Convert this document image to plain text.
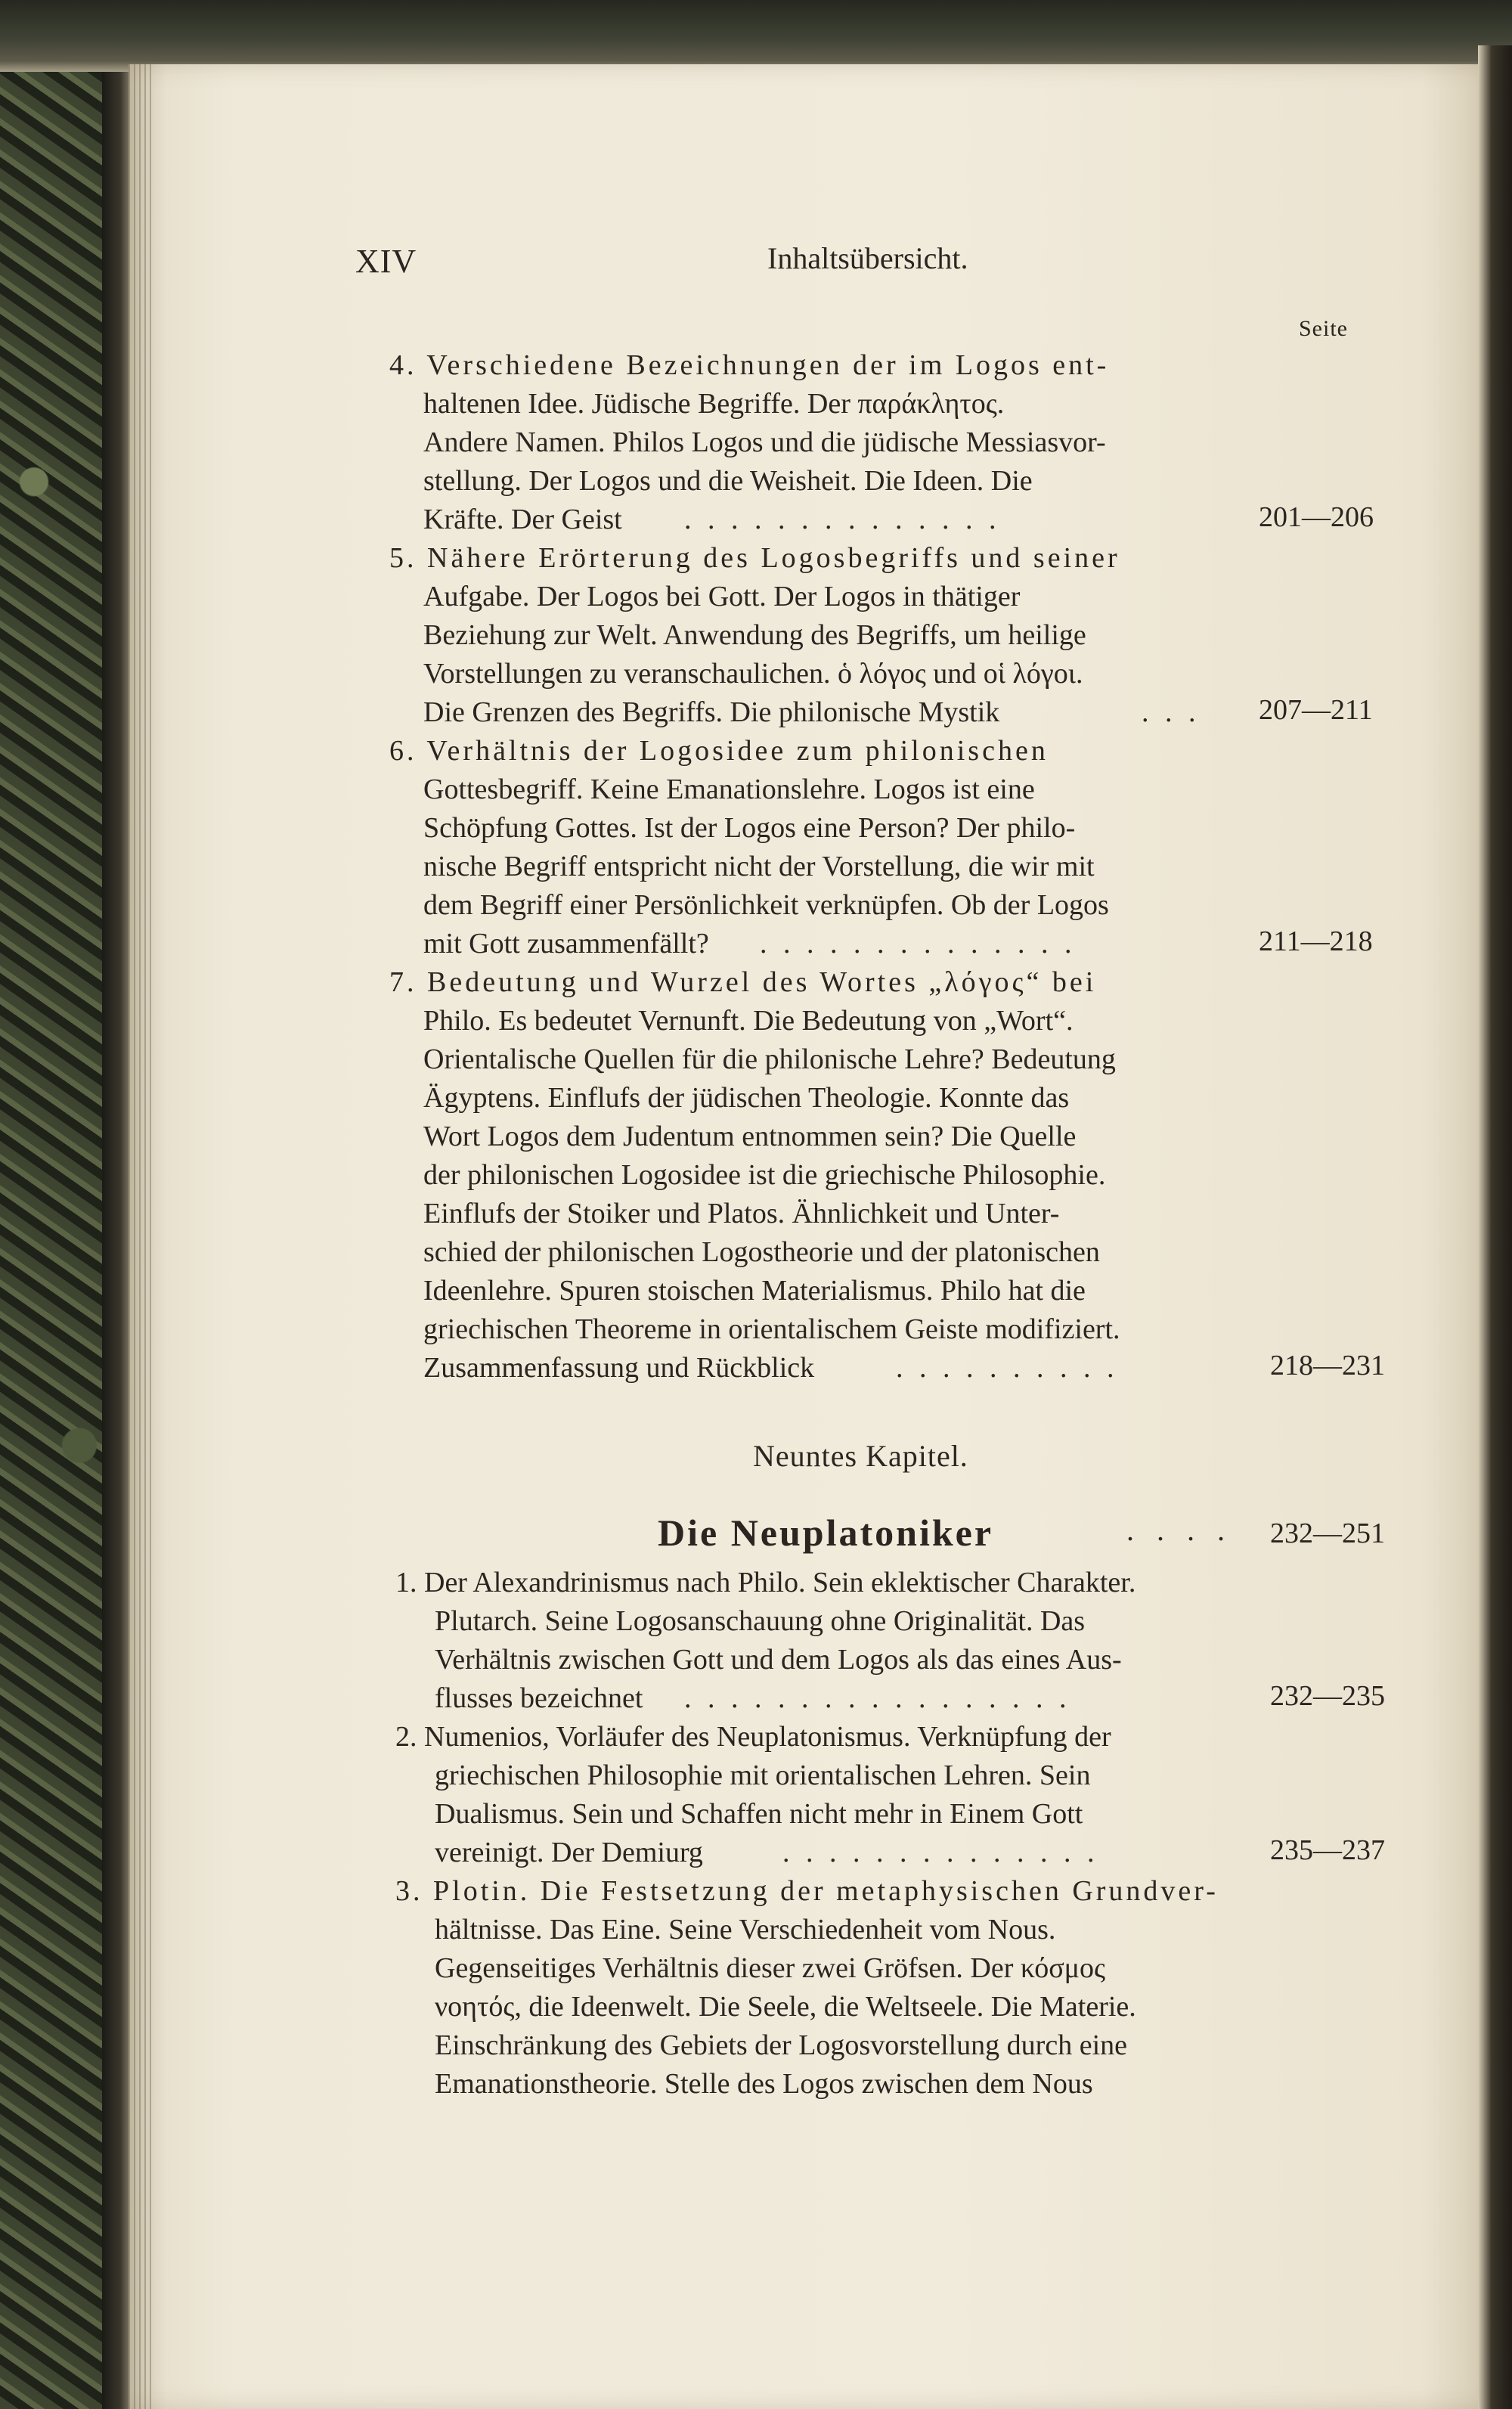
XIV	Inhaltsübersicht.
Seite
4. Verschiedene Bezeichnungen der im Logos ent-
haltenen Idee. Jüdische Begriffe. Der παράκλητος.
Andere Namen. Philos Logos und die jüdische Messiasvor-
stellung. Der Logos und die Weisheit. Die Ideen. Die
Kräfte. Der Geist . . . . . . . . . . . . . .	201—206
5. Nähere Erörterung des Logosbegriffs und seiner
Aufgabe. Der Logos bei Gott. Der Logos in thätiger
Beziehung zur Welt. Anwendung des Begriffs, um heilige
Vorstellungen zu veranschaulichen. ὁ λόγος und οἱ λόγοι.
Die Grenzen des Begriffs. Die philonische Mystik	. . . 207—211
6. Verhältnis der Logosidee zum philonischen
Gottesbegriff. Keine Emanationslehre. Logos ist eine
Schöpfung Gottes. Ist der Logos eine Person? Der philo-
nische Begriff entspricht nicht der Vorstellung, die wir mit
dem Begriff einer Persönlichkeit verknüpfen. Ob der Logos
mit Gott zusammenfällt? . . . . . . . . . . . . . .	211—218
7. Bedeutung und Wurzel des Wortes „λόγος“ bei
Philo. Es bedeutet Vernunft. Die Bedeutung von „Wort“.
Orientalische Quellen für die philonische Lehre? Bedeutung
Ägyptens. Einflufs der jüdischen Theologie. Konnte das
Wort Logos dem Judentum entnommen sein? Die Quelle
der philonischen Logosidee ist die griechische Philosophie.
Einflufs der Stoiker und Platos. Ähnlichkeit und Unter-
schied der philonischen Logostheorie und der platonischen
Ideenlehre. Spuren stoischen Materialismus. Philo hat die
griechischen Theoreme in orientalischem Geiste modifiziert.
Zusammenfassung und Rückblick	. . . . . . . . . .	218—231
Neuntes Kapitel.
Die Neuplatoniker	. . . . 232—251
1. Der Alexandrinismus nach Philo. Sein eklektischer Charakter.
Plutarch. Seine Logosanschauung ohne Originalität. Das
Verhältnis zwischen Gott und dem Logos als das eines Aus-
flusses bezeichnet . . . . . . . . . . . . . . . . .	232—235
2. Numenios, Vorläufer des Neuplatonismus. Verknüpfung der
griechischen Philosophie mit orientalischen Lehren. Sein
Dualismus. Sein und Schaffen nicht mehr in Einem Gott
vereinigt. Der Demiurg	. . . . . . . . . . . . . .	235—237
3. Plotin. Die Festsetzung der metaphysischen Grundver-
hältnisse. Das Eine. Seine Verschiedenheit vom Nous.
Gegenseitiges Verhältnis dieser zwei Gröfsen. Der κόσμος
νοητός, die Ideenwelt. Die Seele, die Weltseele. Die Materie.
Einschränkung des Gebiets der Logosvorstellung durch eine
Emanationstheorie. Stelle des Logos zwischen dem Nous
